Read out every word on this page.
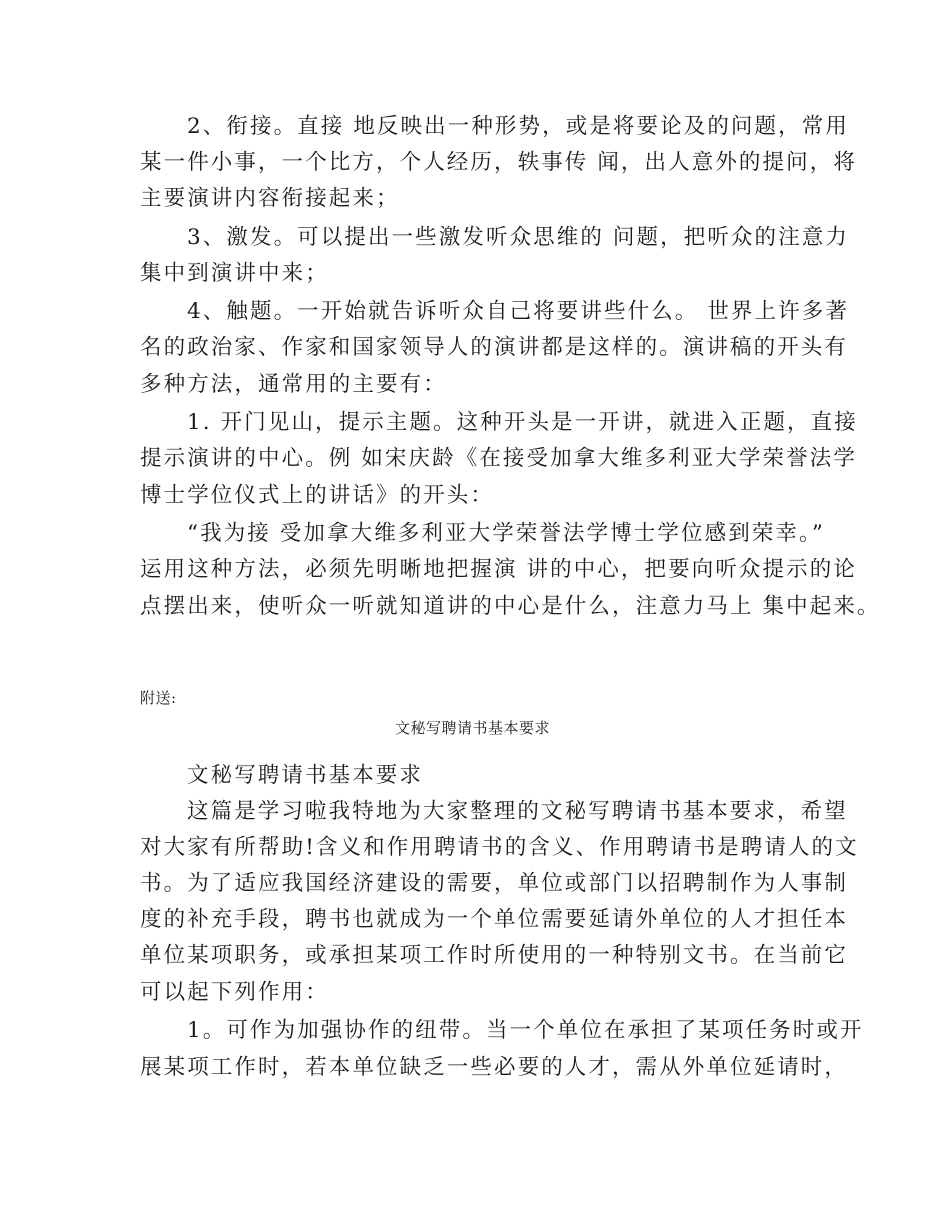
2、衔接。直接 地反映出一种形势，或是将要论及的问题，常用
某一件小事，一个比方，个人经历，轶事传 闻，出人意外的提问，将
主要演讲内容衔接起来；
3、激发。可以提出一些激发听众思维的 问题，把听众的注意力
集中到演讲中来；
4、触题。一开始就告诉听众自己将要讲些什么。 世界上许多著
名的政治家、作家和国家领导人的演讲都是这样的。演讲稿的开头有
多种方法，通常用的主要有：
1. 开门见山，提示主题。这种开头是一开讲，就进入正题，直接
提示演讲的中心。例 如宋庆龄《在接受加拿大维多利亚大学荣誉法学
博士学位仪式上的讲话》的开头：
“我为接 受加拿大维多利亚大学荣誉法学博士学位感到荣幸。”
运用这种方法，必须先明晰地把握演 讲的中心，把要向听众提示的论
点摆出来，使听众一听就知道讲的中心是什么，注意力马上 集中起来。
附送:
文秘写聘请书基本要求
文秘写聘请书基本要求
这篇是学习啦我特地为大家整理的文秘写聘请书基本要求，希望
对大家有所帮助!含义和作用聘请书的含义、作用聘请书是聘请人的文
书。为了适应我国经济建设的需要，单位或部门以招聘制作为人事制
度的补充手段，聘书也就成为一个单位需要延请外单位的人才担任本
单位某项职务，或承担某项工作时所使用的一种特别文书。在当前它
可以起下列作用：
1。可作为加强协作的纽带。当一个单位在承担了某项任务时或开
展某项工作时，若本单位缺乏一些必要的人才，需从外单位延请时，
